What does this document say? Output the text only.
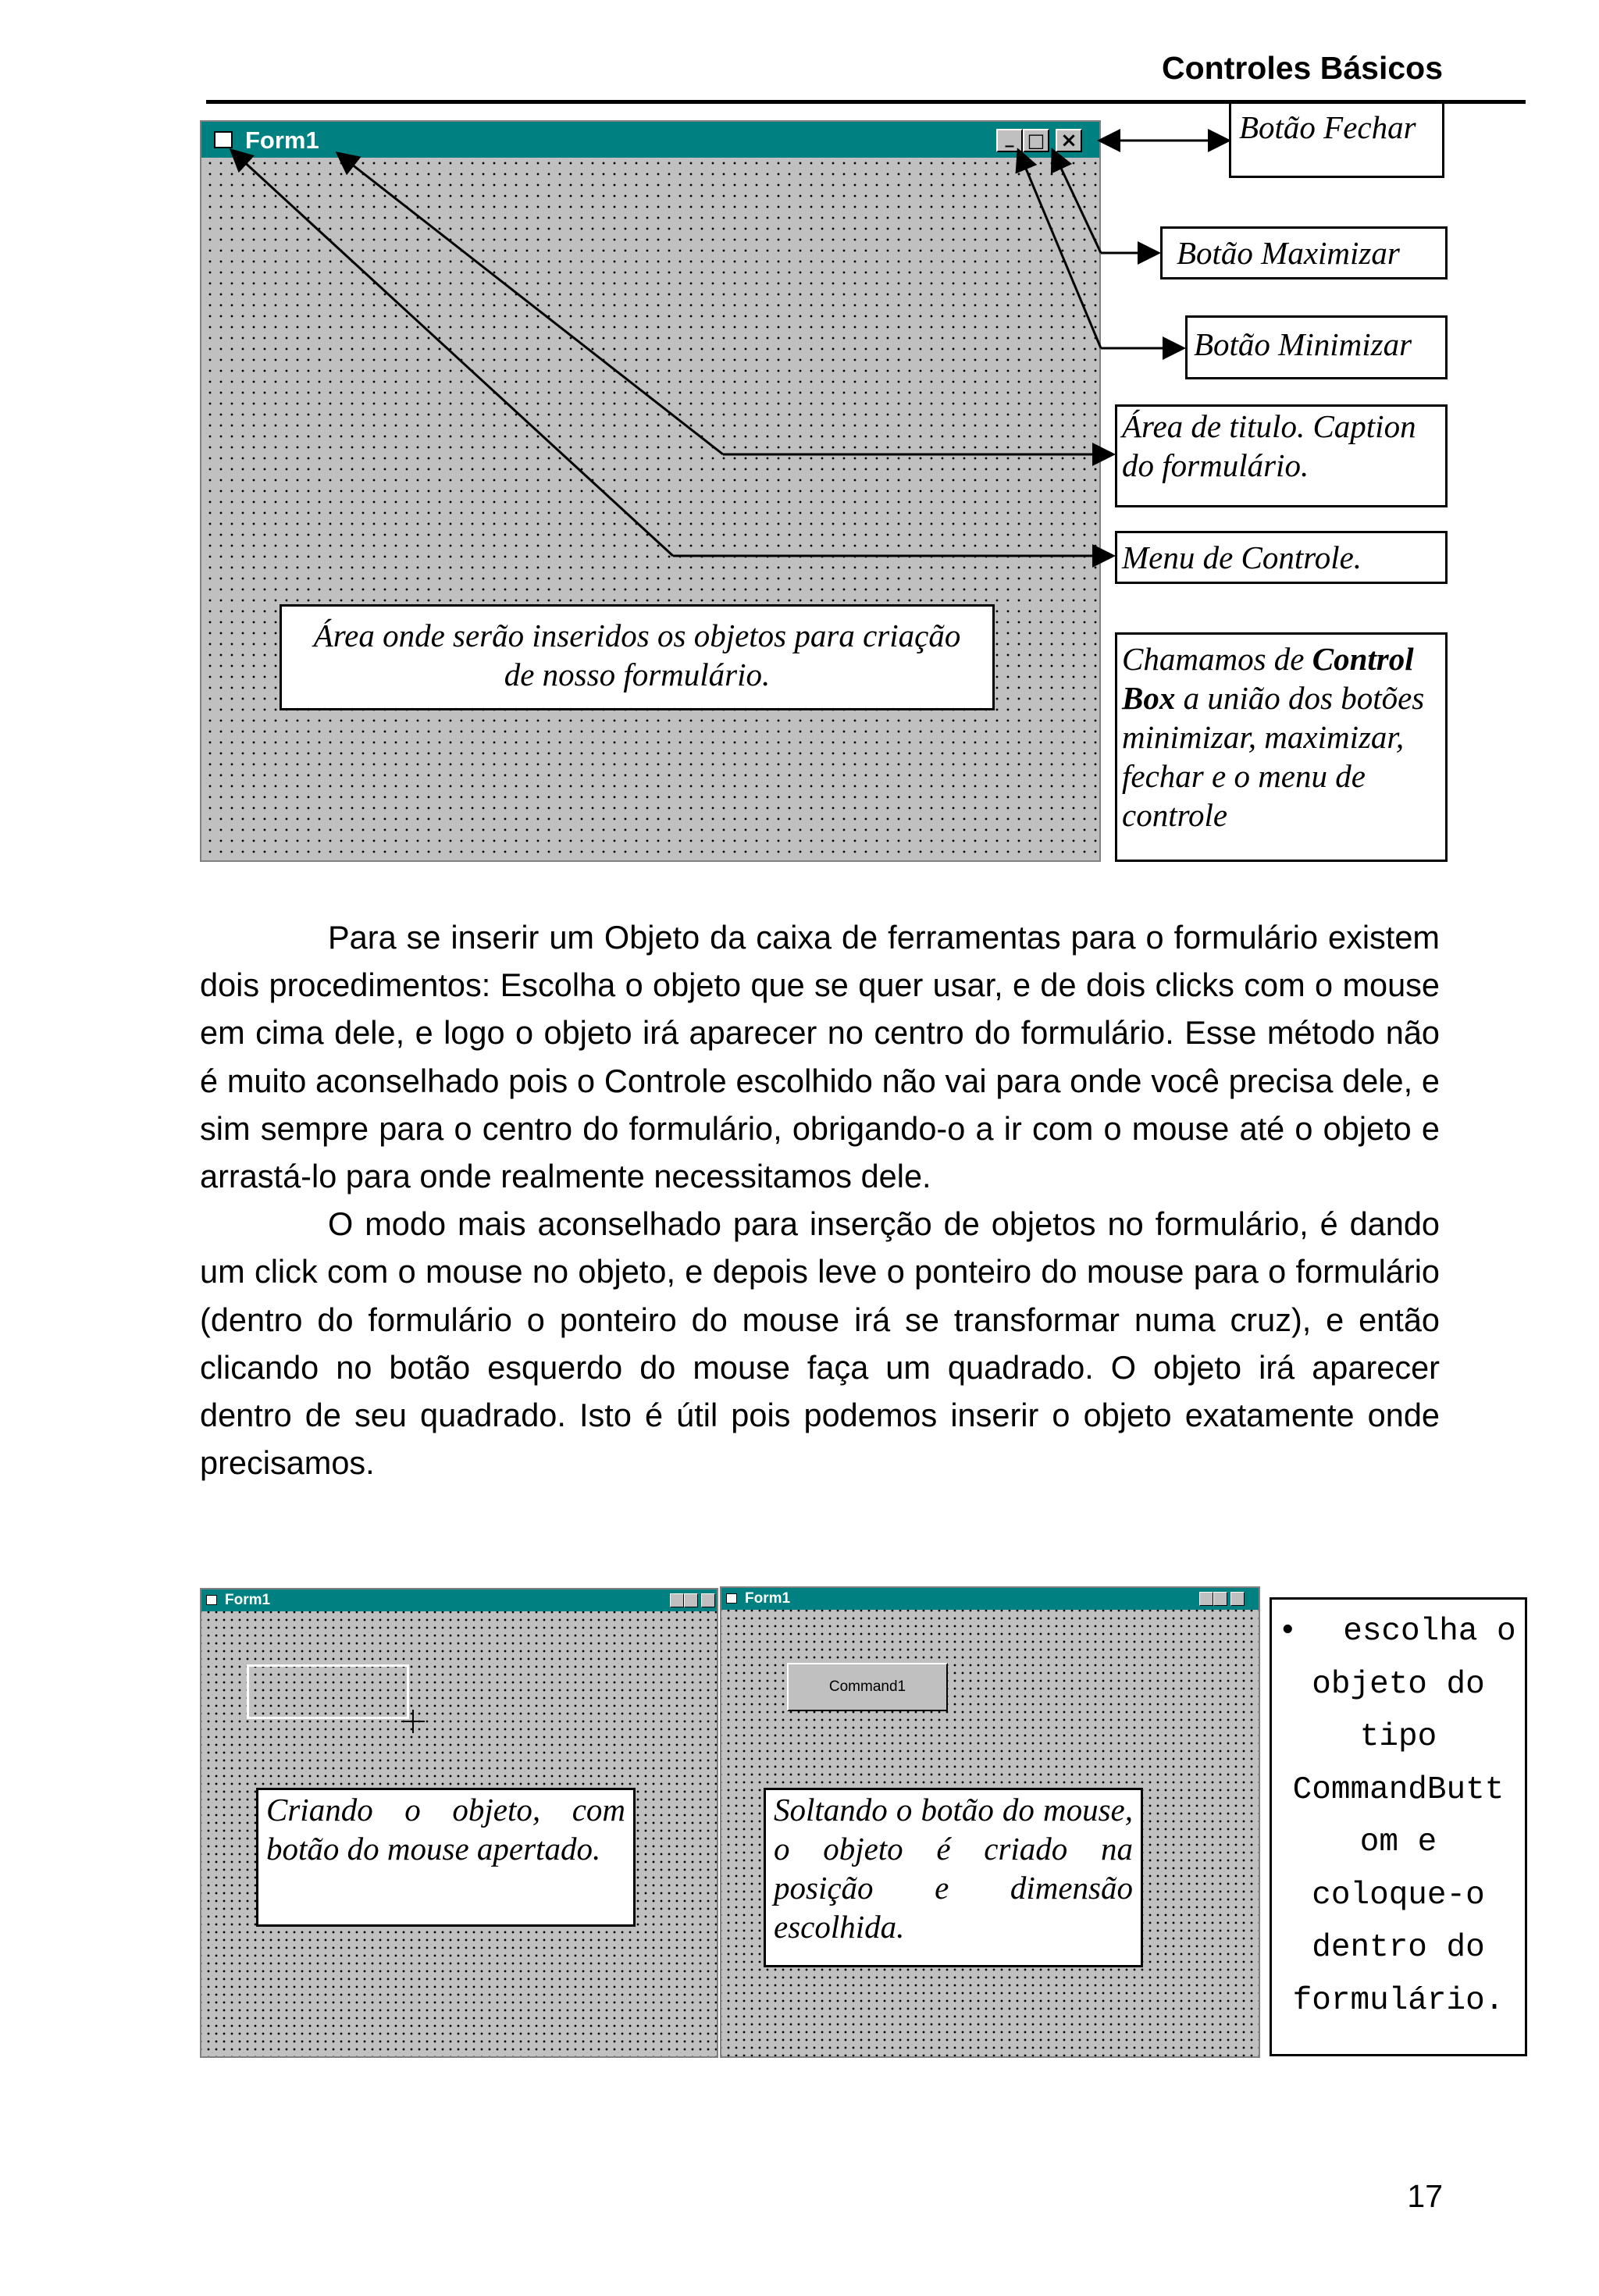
Controles Básicos
Form1	_ □ ×
Área onde serão inseridos os objetos para criação de nosso formulário.
Botão Fechar
Botão Maximizar
Botão Minimizar
Área de titulo. Caption do formulário.
Menu de Controle.
Chamamos de Control Box a união dos botões minimizar, maximizar, fechar e o menu de controle

Para se inserir um Objeto da caixa de ferramentas para o formulário existem dois procedimentos: Escolha o objeto que se quer usar, e de dois clicks com o mouse em cima dele, e logo o objeto irá aparecer no centro do formulário. Esse método não é muito aconselhado pois o Controle escolhido não vai para onde você precisa dele, e sim sempre para o centro do formulário, obrigando-o a ir com o mouse até o objeto e arrastá-lo para onde realmente necessitamos dele.

O modo mais aconselhado para inserção de objetos no formulário, é dando um click com o mouse no objeto, e depois leve o ponteiro do mouse para o formulário (dentro do formulário o ponteiro do mouse irá se transformar numa cruz), e então clicando no botão esquerdo do mouse faça um quadrado. O objeto irá aparecer dentro de seu quadrado. Isto é útil pois podemos inserir o objeto exatamente onde precisamos.

Form1
Criando o objeto, com botão do mouse apertado.
Form1
Command1
Soltando o botão do mouse, o objeto é criado na posição e dimensão escolhida.
• escolha o
objeto do
tipo
CommandButt
om e
coloque-o
dentro do
formulário.
17
